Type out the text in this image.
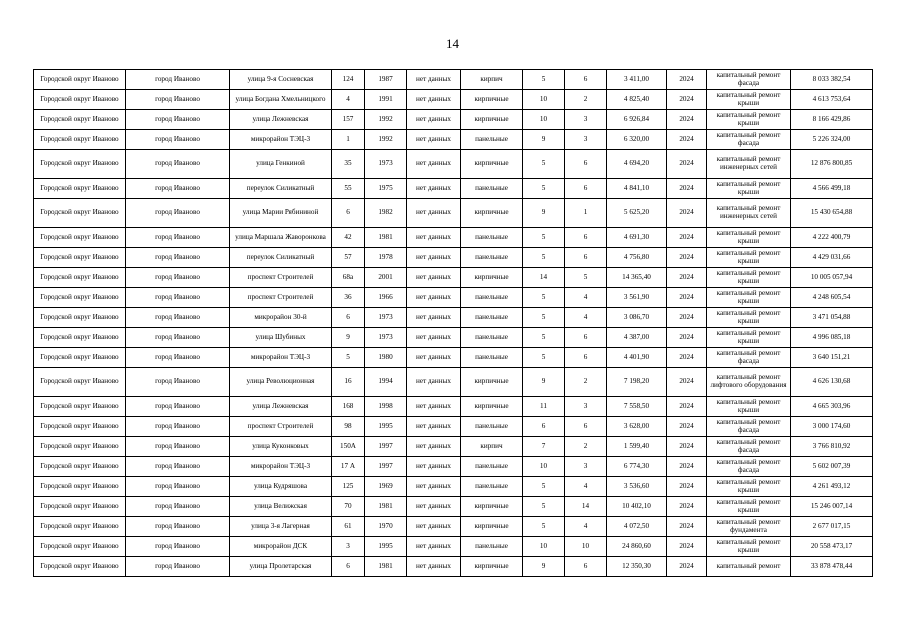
14
Городской округ Иваново	город Иваново	улица 9-я Сосневская	124	1987	нет данных	кирпич	5	6	3 411,00	2024	капитальный ремонт фасада	8 033 382,54
Городской округ Иваново	город Иваново	улица Богдана Хмельницкого	4	1991	нет данных	кирпичные	10	2	4 825,40	2024	капитальный ремонт крыши	4 613 753,64
Городской округ Иваново	город Иваново	улица Лежневская	157	1992	нет данных	кирпичные	10	3	6 926,84	2024	капитальный ремонт крыши	8 166 429,86
Городской округ Иваново	город Иваново	микрорайон ТЭЦ-3	1	1992	нет данных	панельные	9	3	6 320,00	2024	капитальный ремонт фасада	5 226 324,00
Городской округ Иваново	город Иваново	улица Генкиной	35	1973	нет данных	кирпичные	5	6	4 694,20	2024	капитальный ремонт инженерных сетей	12 876 800,85
Городской округ Иваново	город Иваново	переулок Силикатный	55	1975	нет данных	панельные	5	6	4 841,10	2024	капитальный ремонт крыши	4 566 499,18
Городской округ Иваново	город Иваново	улица Марии Рябининой	6	1982	нет данных	кирпичные	9	1	5 625,20	2024	капитальный ремонт инженерных сетей	15 430 654,88
Городской округ Иваново	город Иваново	улица Маршала Жаворонкова	42	1981	нет данных	панельные	5	6	4 691,30	2024	капитальный ремонт крыши	4 222 400,79
Городской округ Иваново	город Иваново	переулок Силикатный	57	1978	нет данных	панельные	5	6	4 756,80	2024	капитальный ремонт крыши	4 429 031,66
Городской округ Иваново	город Иваново	проспект Строителей	68а	2001	нет данных	кирпичные	14	5	14 365,40	2024	капитальный ремонт крыши	10 005 057,94
Городской округ Иваново	город Иваново	проспект Строителей	36	1966	нет данных	панельные	5	4	3 561,90	2024	капитальный ремонт крыши	4 248 605,54
Городской округ Иваново	город Иваново	микрорайон 30-й	6	1973	нет данных	панельные	5	4	3 086,70	2024	капитальный ремонт крыши	3 471 054,88
Городской округ Иваново	город Иваново	улица Шубиных	9	1973	нет данных	панельные	5	6	4 387,00	2024	капитальный ремонт крыши	4 996 085,18
Городской округ Иваново	город Иваново	микрорайон ТЭЦ-3	5	1980	нет данных	панельные	5	6	4 401,90	2024	капитальный ремонт фасада	3 640 151,21
Городской округ Иваново	город Иваново	улица Революционная	16	1994	нет данных	кирпичные	9	2	7 198,20	2024	капитальный ремонт лифтового оборудования	4 626 130,68
Городской округ Иваново	город Иваново	улица Лежневская	168	1998	нет данных	кирпичные	11	3	7 558,50	2024	капитальный ремонт крыши	4 665 303,96
Городской округ Иваново	город Иваново	проспект Строителей	98	1995	нет данных	панельные	6	6	3 628,00	2024	капитальный ремонт фасада	3 000 174,60
Городской округ Иваново	город Иваново	улица Куконковых	150А	1997	нет данных	кирпич	7	2	1 599,40	2024	капитальный ремонт фасада	3 766 810,92
Городской округ Иваново	город Иваново	микрорайон ТЭЦ-3	17 А	1997	нет данных	панельные	10	3	6 774,30	2024	капитальный ремонт фасада	5 602 007,39
Городской округ Иваново	город Иваново	улица Кудряшова	125	1969	нет данных	панельные	5	4	3 536,60	2024	капитальный ремонт крыши	4 261 493,12
Городской округ Иваново	город Иваново	улица Велижская	70	1981	нет данных	кирпичные	5	14	10 402,10	2024	капитальный ремонт крыши	15 246 007,14
Городской округ Иваново	город Иваново	улица 3-я Лагерная	61	1970	нет данных	кирпичные	5	4	4 072,50	2024	капитальный ремонт фундамента	2 677 017,15
Городской округ Иваново	город Иваново	микрорайон ДСК	3	1995	нет данных	панельные	10	10	24 860,60	2024	капитальный ремонт крыши	20 558 473,17
Городской округ Иваново	город Иваново	улица Пролетарская	6	1981	нет данных	кирпичные	9	6	12 350,30	2024	капитальный ремонт	33 878 478,44
